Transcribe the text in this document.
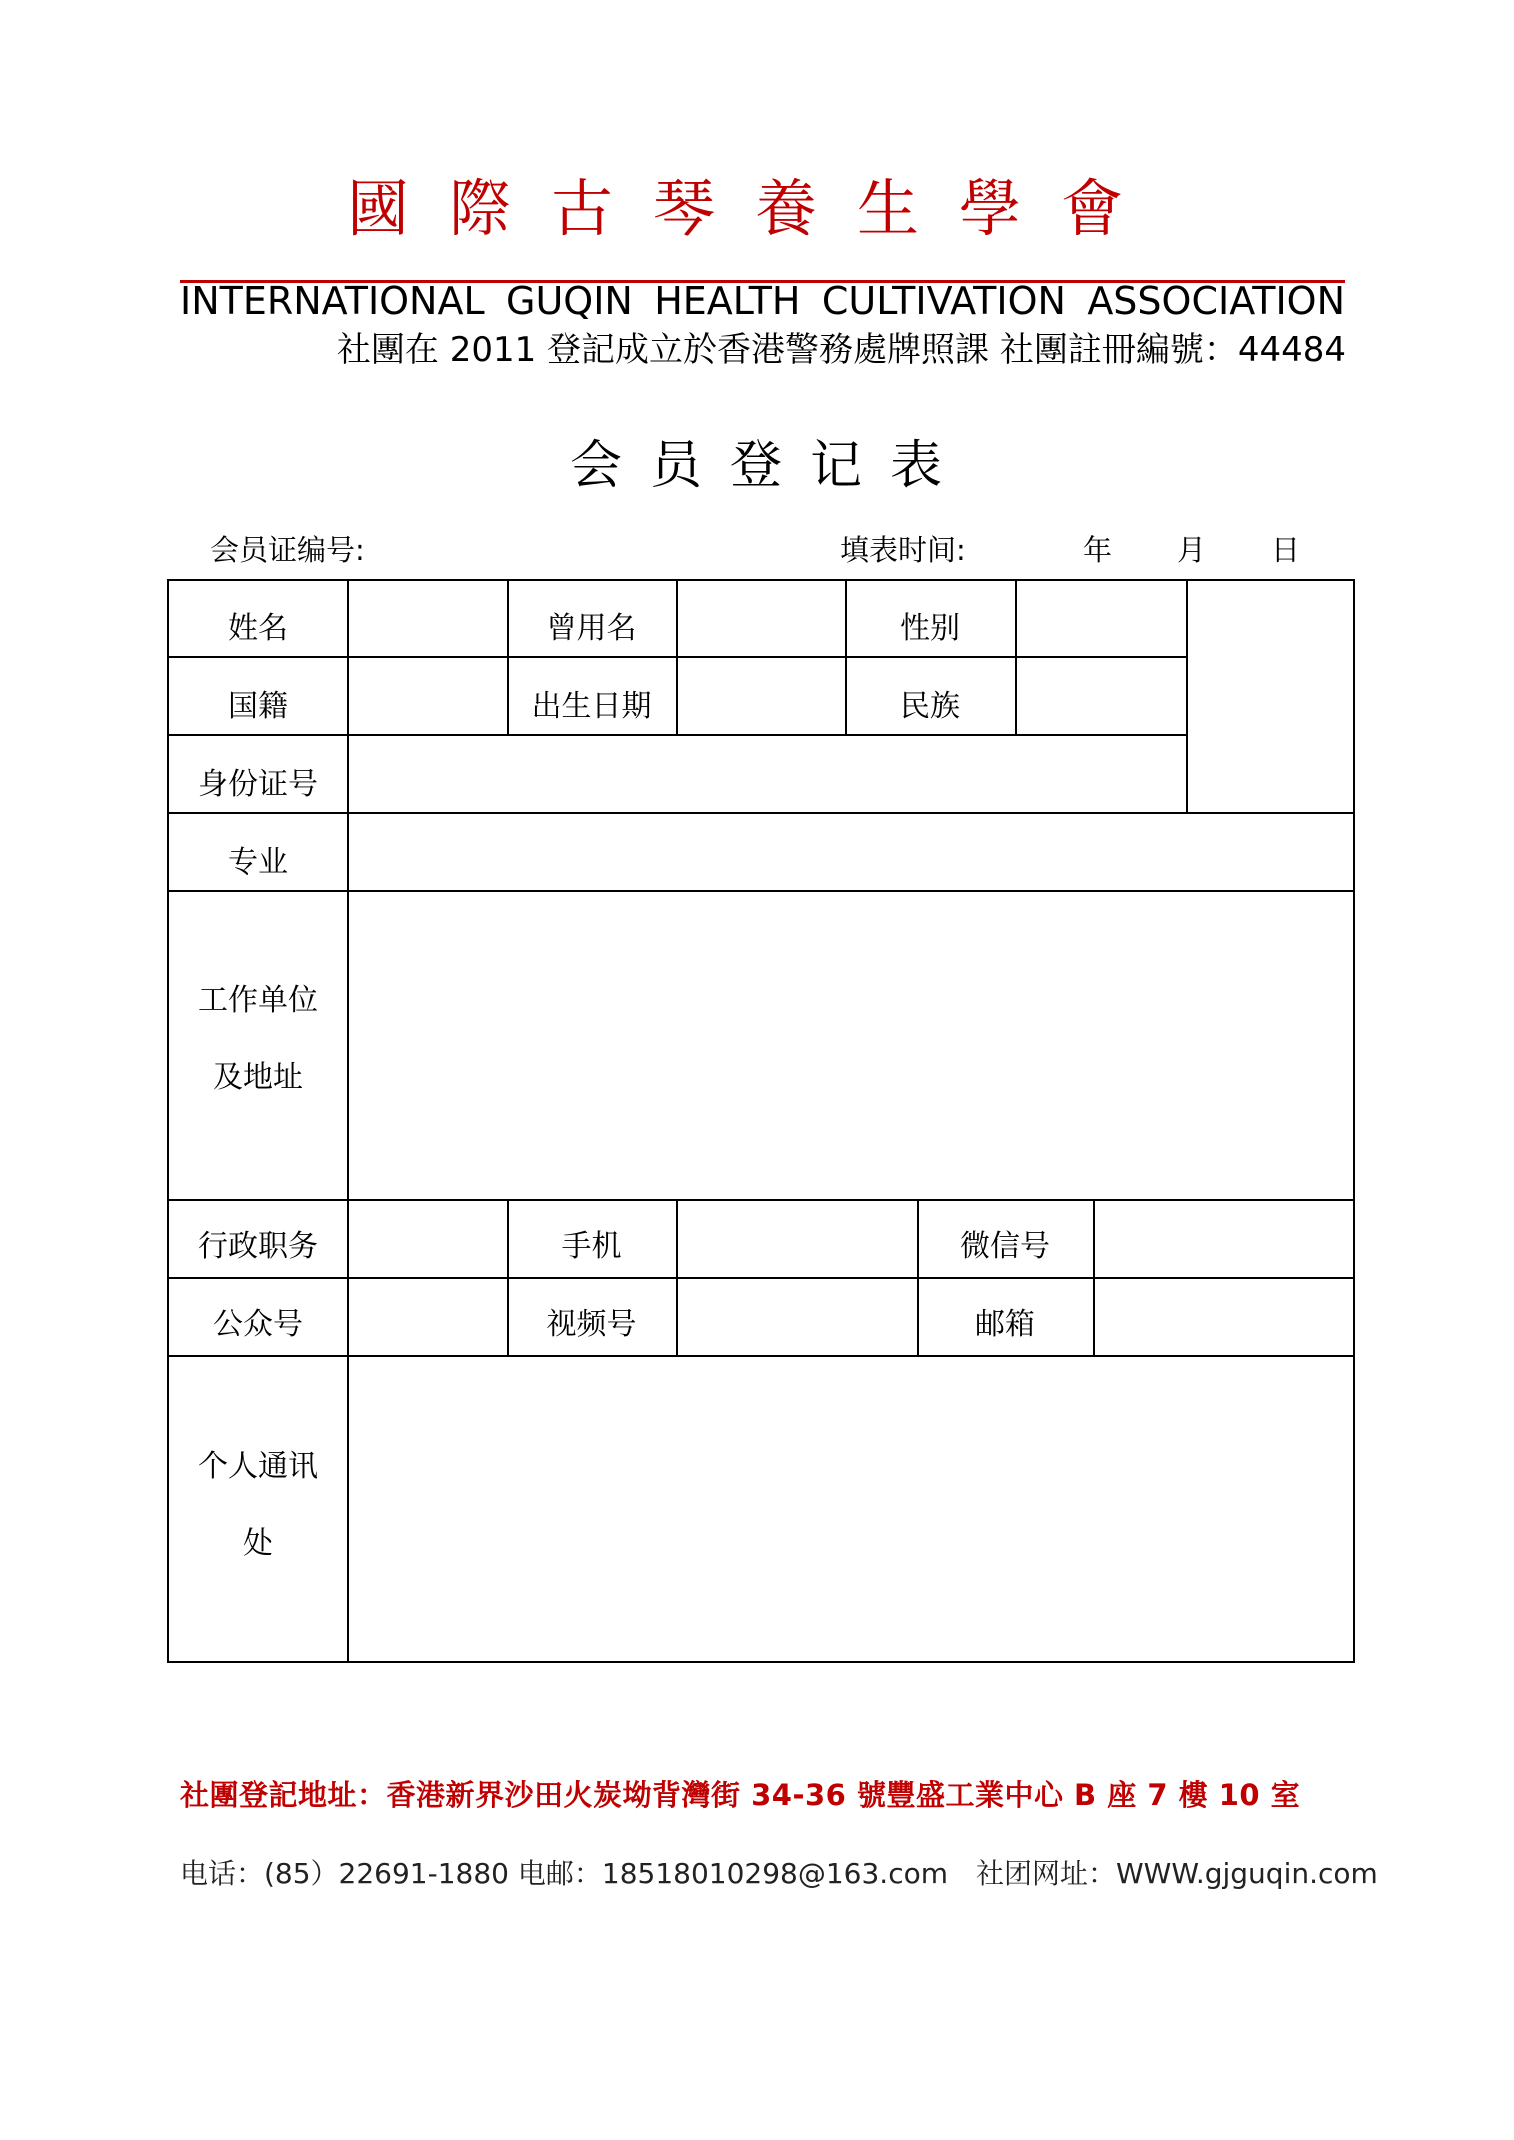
國際古琴養生學會
INTERNATIONAL GUQIN HEALTH CULTIVATION ASSOCIATION
社團在 2011 登記成立於香港警務處牌照課 社團註冊編號：44484
会员登记表
会员证编号:	填表时间:	年 月 日
姓名	曾用名	性别
国籍	出生日期	民族
身份证号
专业
工作单位
及地址
行政职务	手机	微信号
公众号	视频号	邮箱
个人通讯
处
社團登記地址：香港新界沙田火炭坳背灣街 34-36 號豐盛工業中心 B 座 7 樓 10 室
电话：(85）22691-1880 电邮：18518010298@163.com　社团网址：WWW.gjguqin.com
